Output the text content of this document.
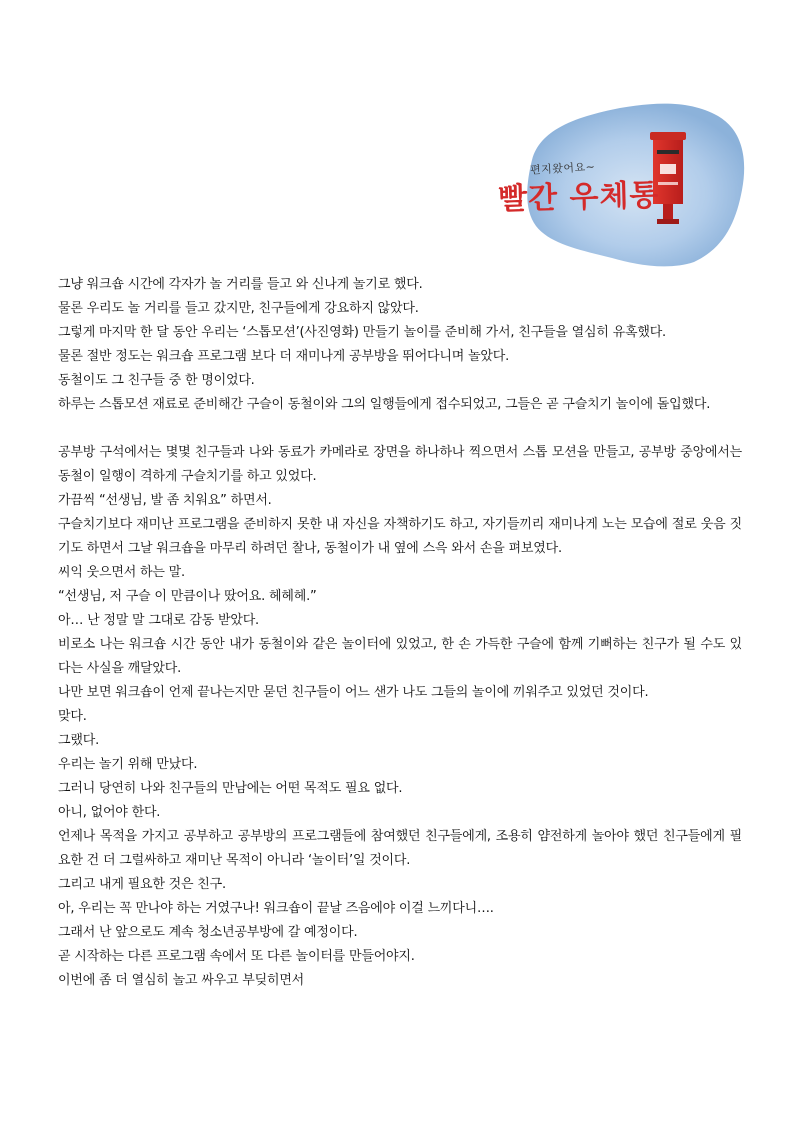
편지왔어요~
빨간 우체통

그냥 워크숍 시간에 각자가 놀 거리를 들고 와 신나게 놀기로 했다.

물론 우리도 놀 거리를 들고 갔지만, 친구들에게 강요하지 않았다.

그렇게 마지막 한 달 동안 우리는 ‘스톱모션’(사진영화) 만들기 놀이를 준비해 가서, 친구들을 열심히 유혹했다.

물론 절반 정도는 워크숍 프로그램 보다 더 재미나게 공부방을 뛰어다니며 놀았다.

동철이도 그 친구들 중 한 명이었다.

하루는 스톱모션 재료로 준비해간 구슬이 동철이와 그의 일행들에게 접수되었고, 그들은 곧 구슬치기 놀이에 돌입했다.

공부방 구석에서는 몇몇 친구들과 나와 동료가 카메라로 장면을 하나하나 찍으면서 스톱 모션을 만들고, 공부방 중앙에서는 동철이 일행이 격하게 구슬치기를 하고 있었다.

가끔씩 “선생님, 발 좀 치워요” 하면서.

구슬치기보다 재미난 프로그램을 준비하지 못한 내 자신을 자책하기도 하고, 자기들끼리 재미나게 노는 모습에 절로 웃음 짓기도 하면서 그날 워크숍을 마무리 하려던 찰나, 동철이가 내 옆에 스윽 와서 손을 펴보였다.

씨익 웃으면서 하는 말.

“선생님, 저 구슬 이 만큼이나 땄어요. 헤헤헤.”

아… 난 정말 말 그대로 감동 받았다.

비로소 나는 워크숍 시간 동안 내가 동철이와 같은 놀이터에 있었고, 한 손 가득한 구슬에 함께 기뻐하는 친구가 될 수도 있다는 사실을 깨달았다.

나만 보면 워크숍이 언제 끝나는지만 묻던 친구들이 어느 샌가 나도 그들의 놀이에 끼워주고 있었던 것이다.

맞다.

그랬다.

우리는 놀기 위해 만났다.

그러니 당연히 나와 친구들의 만남에는 어떤 목적도 필요 없다.

아니, 없어야 한다.

언제나 목적을 가지고 공부하고 공부방의 프로그램들에 참여했던 친구들에게, 조용히 얌전하게 놀아야 했던 친구들에게 필요한 건 더 그럴싸하고 재미난 목적이 아니라 ‘놀이터’일 것이다.

그리고 내게 필요한 것은 친구.

아, 우리는 꼭 만나야 하는 거였구나! 워크숍이 끝날 즈음에야 이걸 느끼다니….

그래서 난 앞으로도 계속 청소년공부방에 갈 예정이다.

곧 시작하는 다른 프로그램 속에서 또 다른 놀이터를 만들어야지.

이번에 좀 더 열심히 놀고 싸우고 부딪히면서
